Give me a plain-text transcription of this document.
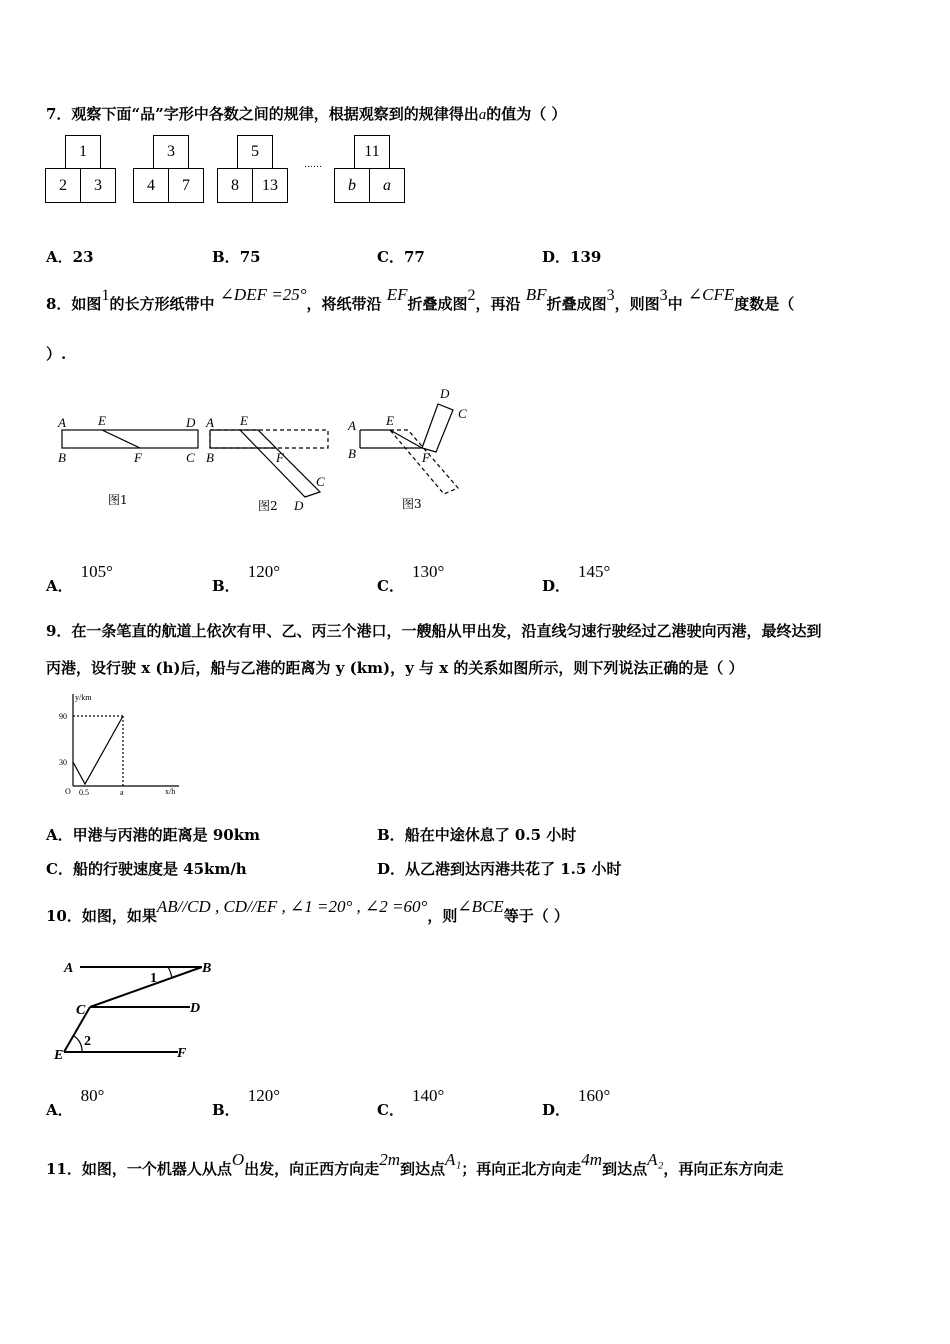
7．观察下面“品”字形中各数之间的规律，根据观察到的规律得出a的值为（ ）
1
2	3
3
4	7
5
8	13
……
11
b	a
A．23	B．75	C．77	D．139
8．如图1的长方形纸带中 ∠DEF =25°，将纸带沿 EF折叠成图2，再沿 BF折叠成图3，则图3中 ∠CFE度数是（
）.
A E	D
B	F	C
A E
B	F
C
D
A E
B	F
D
C
图1	图2	图3
A．105°
B．120°
C．130°
D．145°
9．在一条笔直的航道上依次有甲、乙、丙三个港口，一艘船从甲出发，沿直线匀速行驶经过乙港驶向丙港，最终达到
丙港，设行驶 x (h)后，船与乙港的距离为 y (km)，y 与 x 的关系如图所示，则下列说法正确的是（ ）
y/km
x/h
90
30
O 0.5	a
A．甲港与丙港的距离是 90km	B．船在中途休息了 0.5 小时
C．船的行驶速度是 45km/h	D．从乙港到达丙港共花了 1.5 小时
10．如图，如果AB//CD , CD//EF , ∠1 =20° , ∠2 =60°，则∠BCE等于（ ）
A	B
C	D
E	F
1
2
A．80°
B．120°
C．140°
D．160°
11．如图，一个机器人从点O出发，向正西方向走2m到达点A₁；再向正北方向走4m到达点A₂，再向正东方向走
